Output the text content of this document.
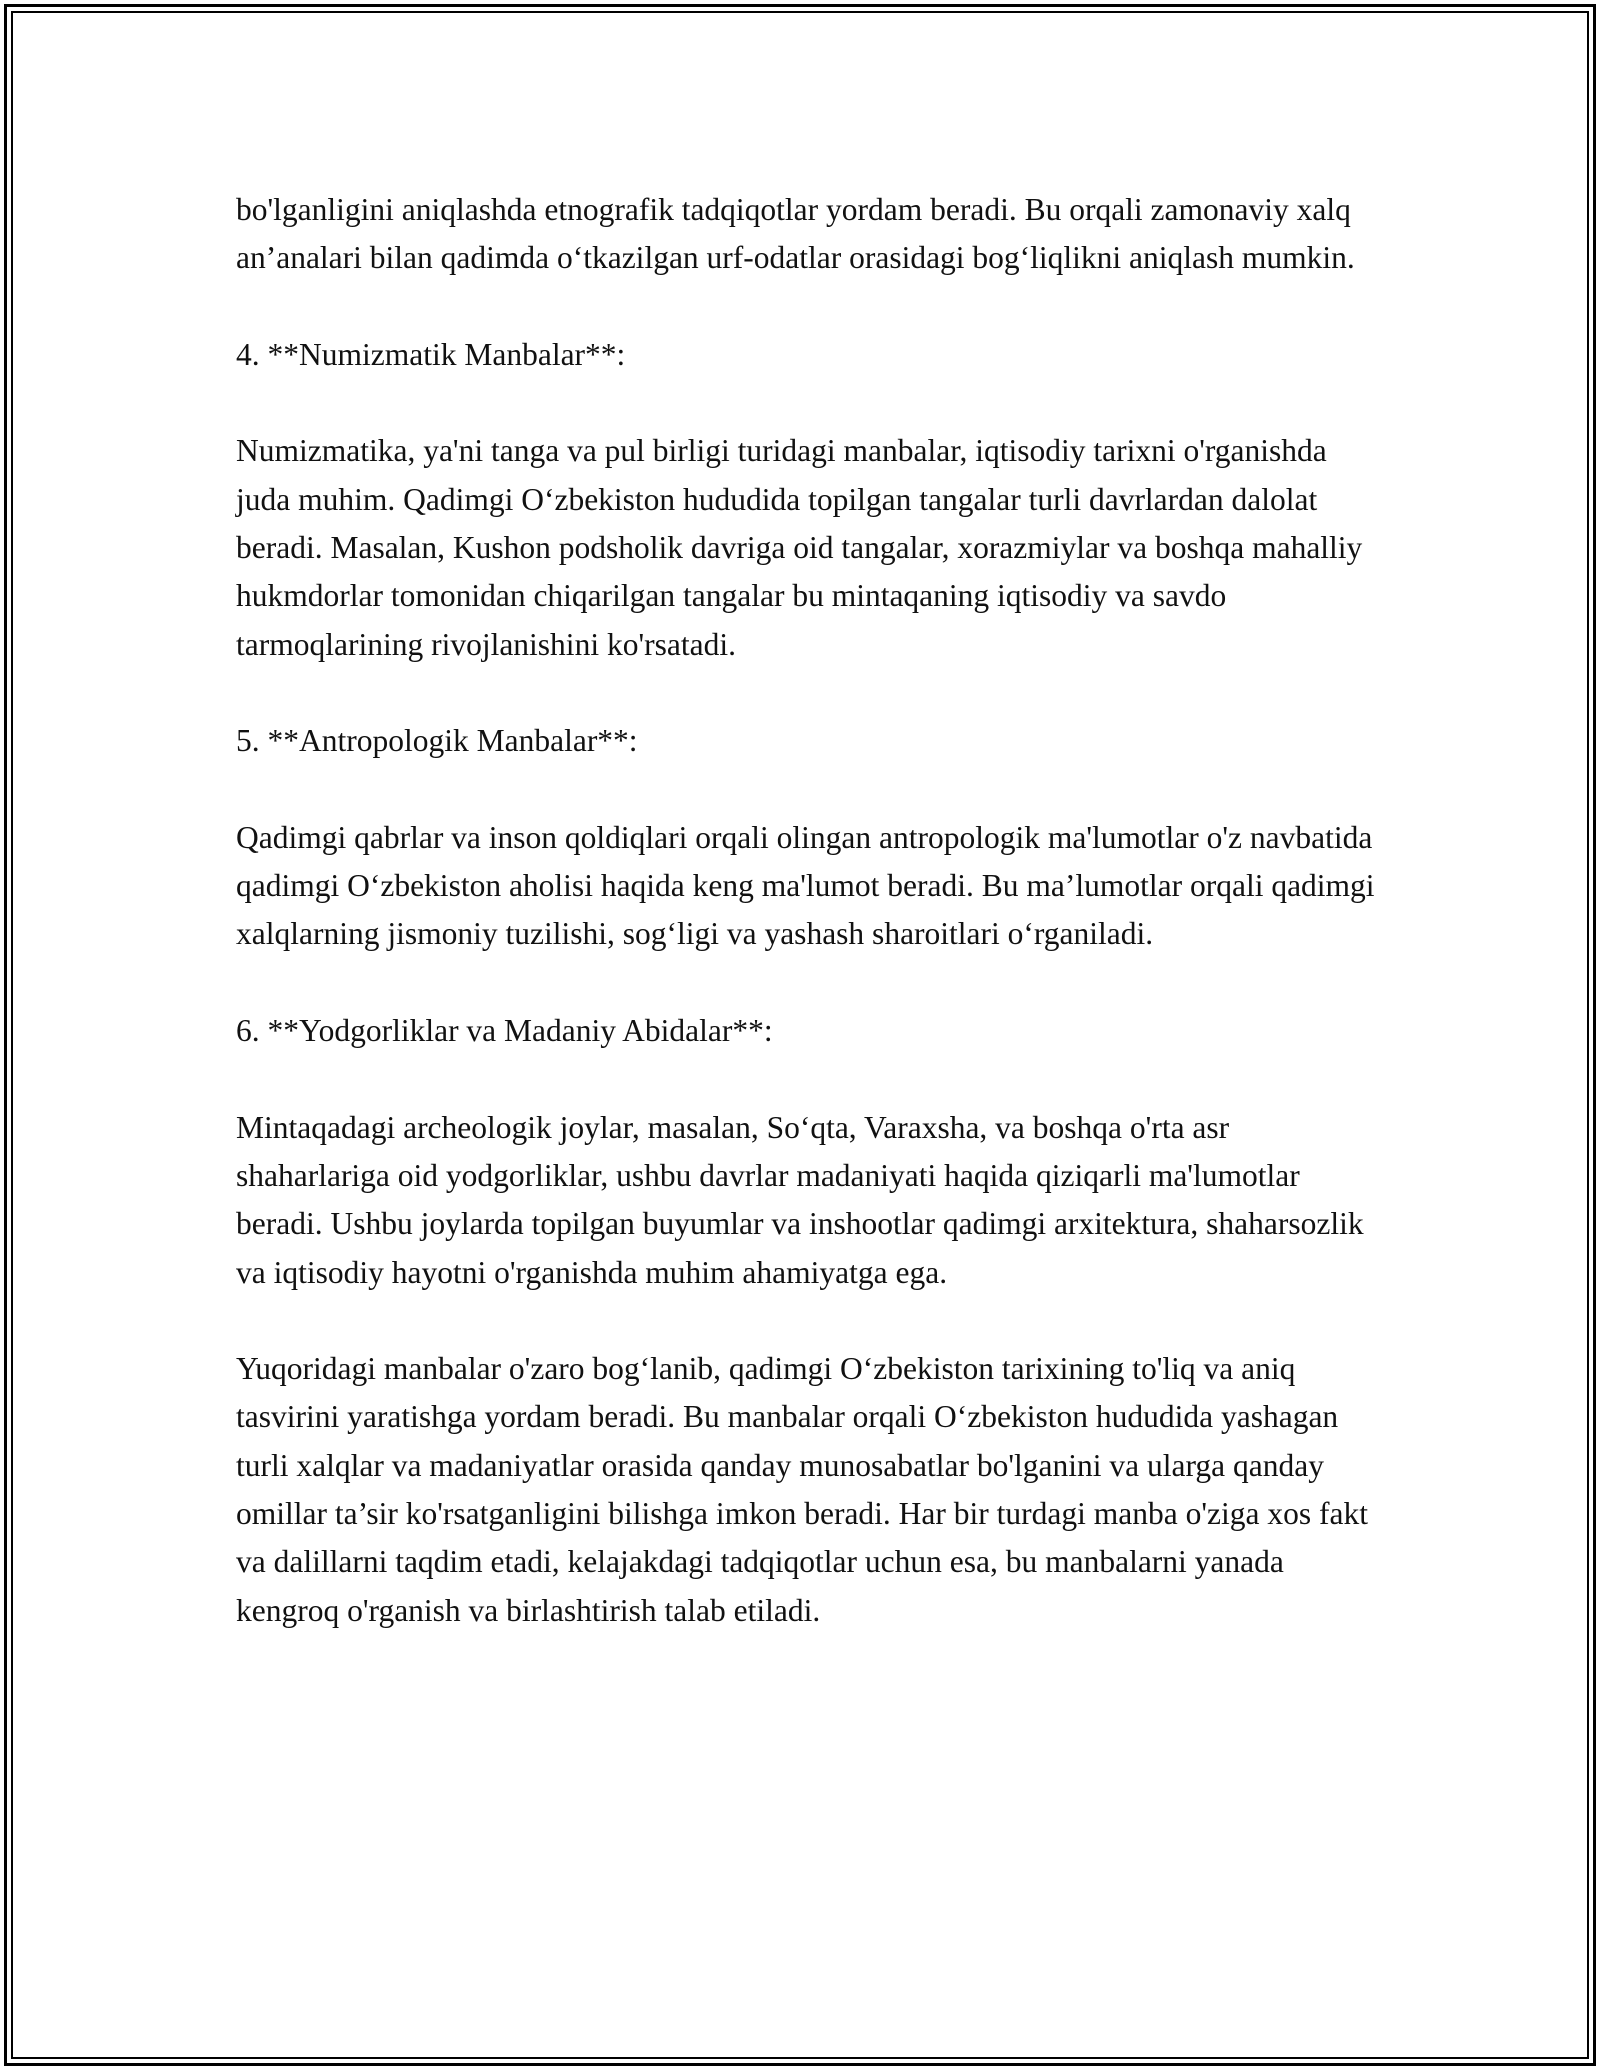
bo'lganligini aniqlashda etnografik tadqiqotlar yordam beradi. Bu orqali zamonaviy xalq an’analari bilan qadimda o‘tkazilgan urf-odatlar orasidagi bog‘liqlikni aniqlash mumkin.

4. **Numizmatik Manbalar**:

Numizmatika, ya'ni tanga va pul birligi turidagi manbalar, iqtisodiy tarixni o'rganishda juda muhim. Qadimgi O‘zbekiston hududida topilgan tangalar turli davrlardan dalolat beradi. Masalan, Kushon podsholik davriga oid tangalar, xorazmiylar va boshqa mahalliy hukmdorlar tomonidan chiqarilgan tangalar bu mintaqaning iqtisodiy va savdo tarmoqlarining rivojlanishini ko'rsatadi.

5. **Antropologik Manbalar**:

Qadimgi qabrlar va inson qoldiqlari orqali olingan antropologik ma'lumotlar o'z navbatida qadimgi O‘zbekiston aholisi haqida keng ma'lumot beradi. Bu ma’lumotlar orqali qadimgi xalqlarning jismoniy tuzilishi, sog‘ligi va yashash sharoitlari o‘rganiladi.

6. **Yodgorliklar va Madaniy Abidalar**:

Mintaqadagi archeologik joylar, masalan, So‘qta, Varaxsha, va boshqa o'rta asr shaharlariga oid yodgorliklar, ushbu davrlar madaniyati haqida qiziqarli ma'lumotlar beradi. Ushbu joylarda topilgan buyumlar va inshootlar qadimgi arxitektura, shaharsozlik va iqtisodiy hayotni o'rganishda muhim ahamiyatga ega.

Yuqoridagi manbalar o'zaro bog‘lanib, qadimgi O‘zbekiston tarixining to'liq va aniq tasvirini yaratishga yordam beradi. Bu manbalar orqali O‘zbekiston hududida yashagan turli xalqlar va madaniyatlar orasida qanday munosabatlar bo'lganini va ularga qanday omillar ta’sir ko'rsatganligini bilishga imkon beradi. Har bir turdagi manba o'ziga xos fakt va dalillarni taqdim etadi, kelajakdagi tadqiqotlar uchun esa, bu manbalarni yanada kengroq o'rganish va birlashtirish talab etiladi.
